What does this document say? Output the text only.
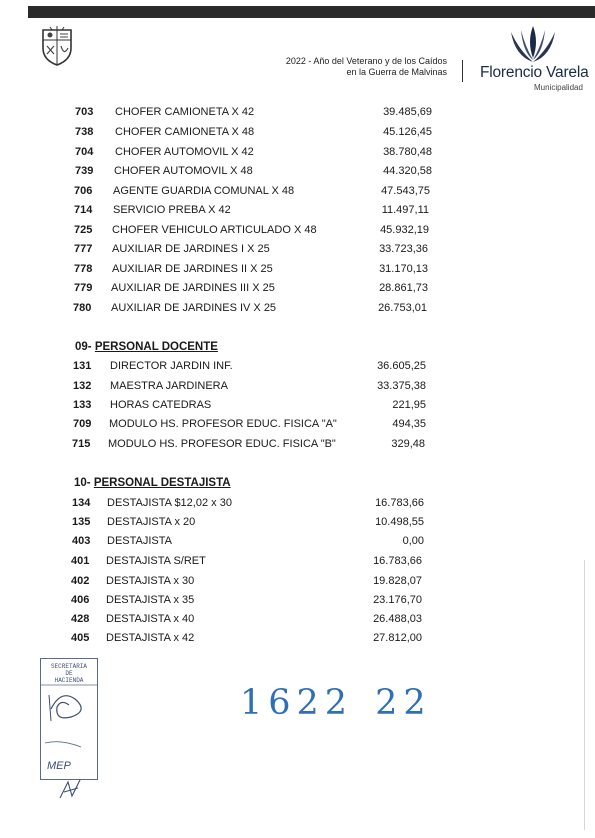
2022 - Año del Veterano y de los Caídos
en la Guerra de Malvinas Florencio Varela
Municipalidad
703 CHOFER CAMIONETA X 42	39.485,69
738 CHOFER CAMIONETA X 48	45.126,45
704 CHOFER AUTOMOVIL X 42	38.780,48
739 CHOFER AUTOMOVIL X 48	44.320,58
706 AGENTE GUARDIA COMUNAL X 48	47.543,75
714 SERVICIO PREBA X 42	11.497,11
725 CHOFER VEHICULO ARTICULADO X 48	45.932,19
777 AUXILIAR DE JARDINES I X 25	33.723,36
778 AUXILIAR DE JARDINES II X 25	31.170,13
779 AUXILIAR DE JARDINES III X 25	28.861,73
780 AUXILIAR DE JARDINES IV X 25	26.753,01
09- PERSONAL DOCENTE
131 DIRECTOR JARDIN INF.	36.605,25
132 MAESTRA JARDINERA	33.375,38
133 HORAS CATEDRAS	221,95
709 MODULO HS. PROFESOR EDUC. FISICA "A"	494,35
715 MODULO HS. PROFESOR EDUC. FISICA "B"	329,48
10- PERSONAL DESTAJISTA
134 DESTAJISTA $12,02 x 30	16.783,66
135 DESTAJISTA x 20	10.498,55
403 DESTAJISTA	0,00
401 DESTAJISTA S/RET	16.783,66
402 DESTAJISTA x 30	19.828,07
406 DESTAJISTA x 35	23.176,70
428 DESTAJISTA x 40	26.488,03
405 DESTAJISTA x 42	27.812,00
SECRETARIA
DE
HACIENDA
MEP
1622 22
